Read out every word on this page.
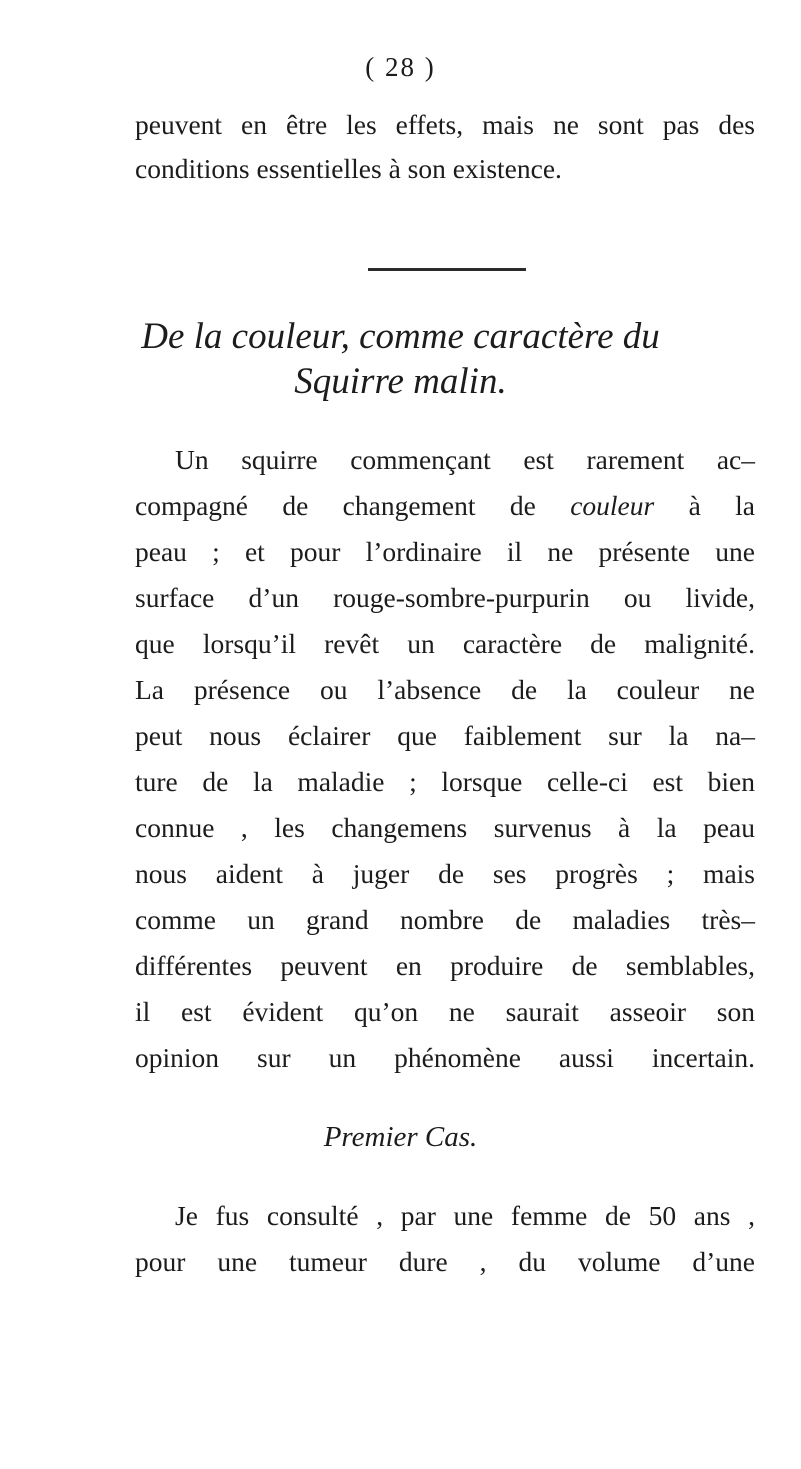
( 28 )
peuvent en être les effets, mais ne sont pas des
conditions essentielles à son existence.
De la couleur, comme caractère du
Squirre malin.
Un squirre commençant est rarement ac–
compagné de changement de couleur à la
peau ; et pour l’ordinaire il ne présente une
surface d’un rouge-sombre-purpurin ou livide,
que lorsqu’il revêt un caractère de malignité.
La présence ou l’absence de la couleur ne
peut nous éclairer que faiblement sur la na–
ture de la maladie ; lorsque celle-ci est bien
connue , les changemens survenus à la peau
nous aident à juger de ses progrès ; mais
comme un grand nombre de maladies très–
différentes peuvent en produire de semblables,
il est évident qu’on ne saurait asseoir son
opinion sur un phénomène aussi incertain.
Premier Cas.
Je fus consulté , par une femme de 50 ans ,
pour une tumeur dure , du volume d’une
